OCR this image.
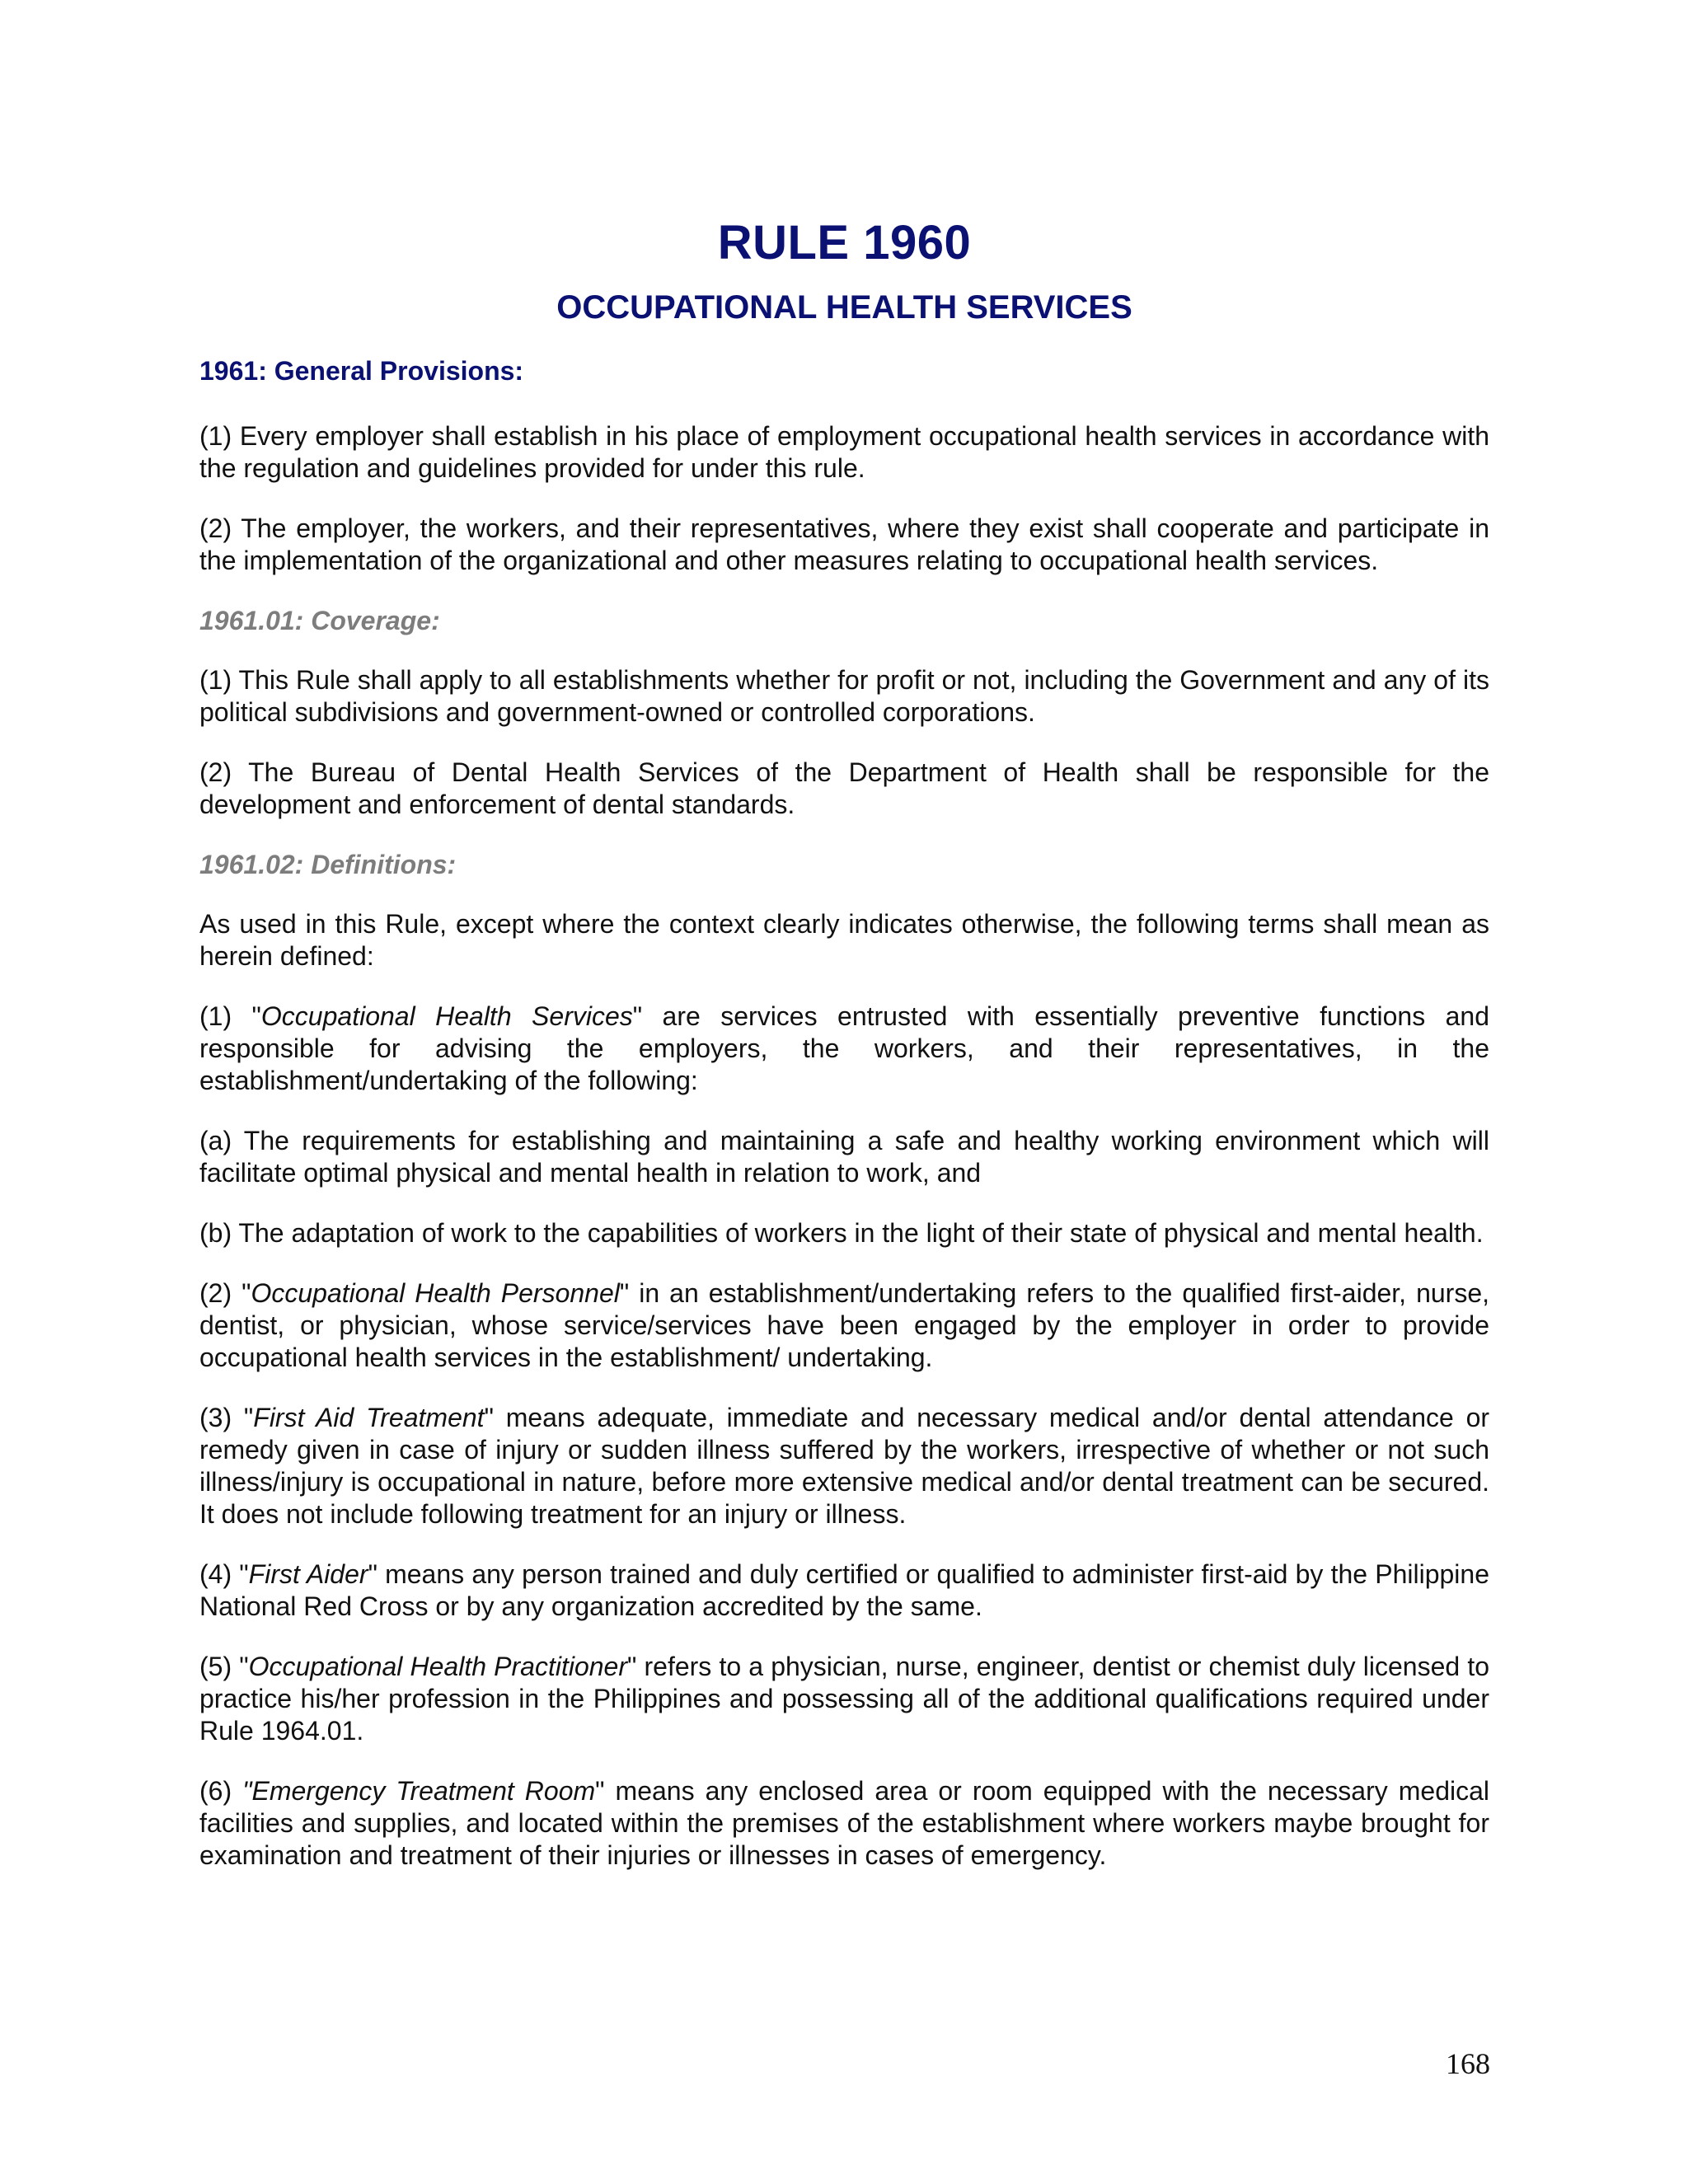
RULE 1960
OCCUPATIONAL HEALTH SERVICES
1961: General Provisions:

(1) Every employer shall establish in his place of employment occupational health services in accordance with the regulation and guidelines provided for under this rule.

(2) The employer, the workers, and their representatives, where they exist shall cooperate and participate in the implementation of the organizational and other measures relating to occupational health services.

1961.01: Coverage:

(1) This Rule shall apply to all establishments whether for profit or not, including the Government and any of its political subdivisions and government-owned or controlled corporations.

(2) The Bureau of Dental Health Services of the Department of Health shall be responsible for the development and enforcement of dental standards.

1961.02: Definitions:

As used in this Rule, except where the context clearly indicates otherwise, the following terms shall mean as herein defined:

(1) "Occupational Health Services" are services entrusted with essentially preventive functions and responsible for advising the employers, the workers, and their representatives, in the establishment/undertaking of the following:

(a) The requirements for establishing and maintaining a safe and healthy working environment which will facilitate optimal physical and mental health in relation to work, and

(b) The adaptation of work to the capabilities of workers in the light of their state of physical and mental health.

(2) "Occupational Health Personnel" in an establishment/undertaking refers to the qualified first-aider, nurse, dentist, or physician, whose service/services have been engaged by the employer in order to provide occupational health services in the establishment/ undertaking.

(3) "First Aid Treatment" means adequate, immediate and necessary medical and/or dental attendance or remedy given in case of injury or sudden illness suffered by the workers, irrespective of whether or not such illness/injury is occupational in nature, before more extensive medical and/or dental treatment can be secured. It does not include following treatment for an injury or illness.

(4) "First Aider" means any person trained and duly certified or qualified to administer first-aid by the Philippine National Red Cross or by any organization accredited by the same.

(5) "Occupational Health Practitioner" refers to a physician, nurse, engineer, dentist or chemist duly licensed to practice his/her profession in the Philippines and possessing all of the additional qualifications required under Rule 1964.01.

(6) "Emergency Treatment Room" means any enclosed area or room equipped with the necessary medical facilities and supplies, and located within the premises of the establishment where workers maybe brought for examination and treatment of their injuries or illnesses in cases of emergency.

168
